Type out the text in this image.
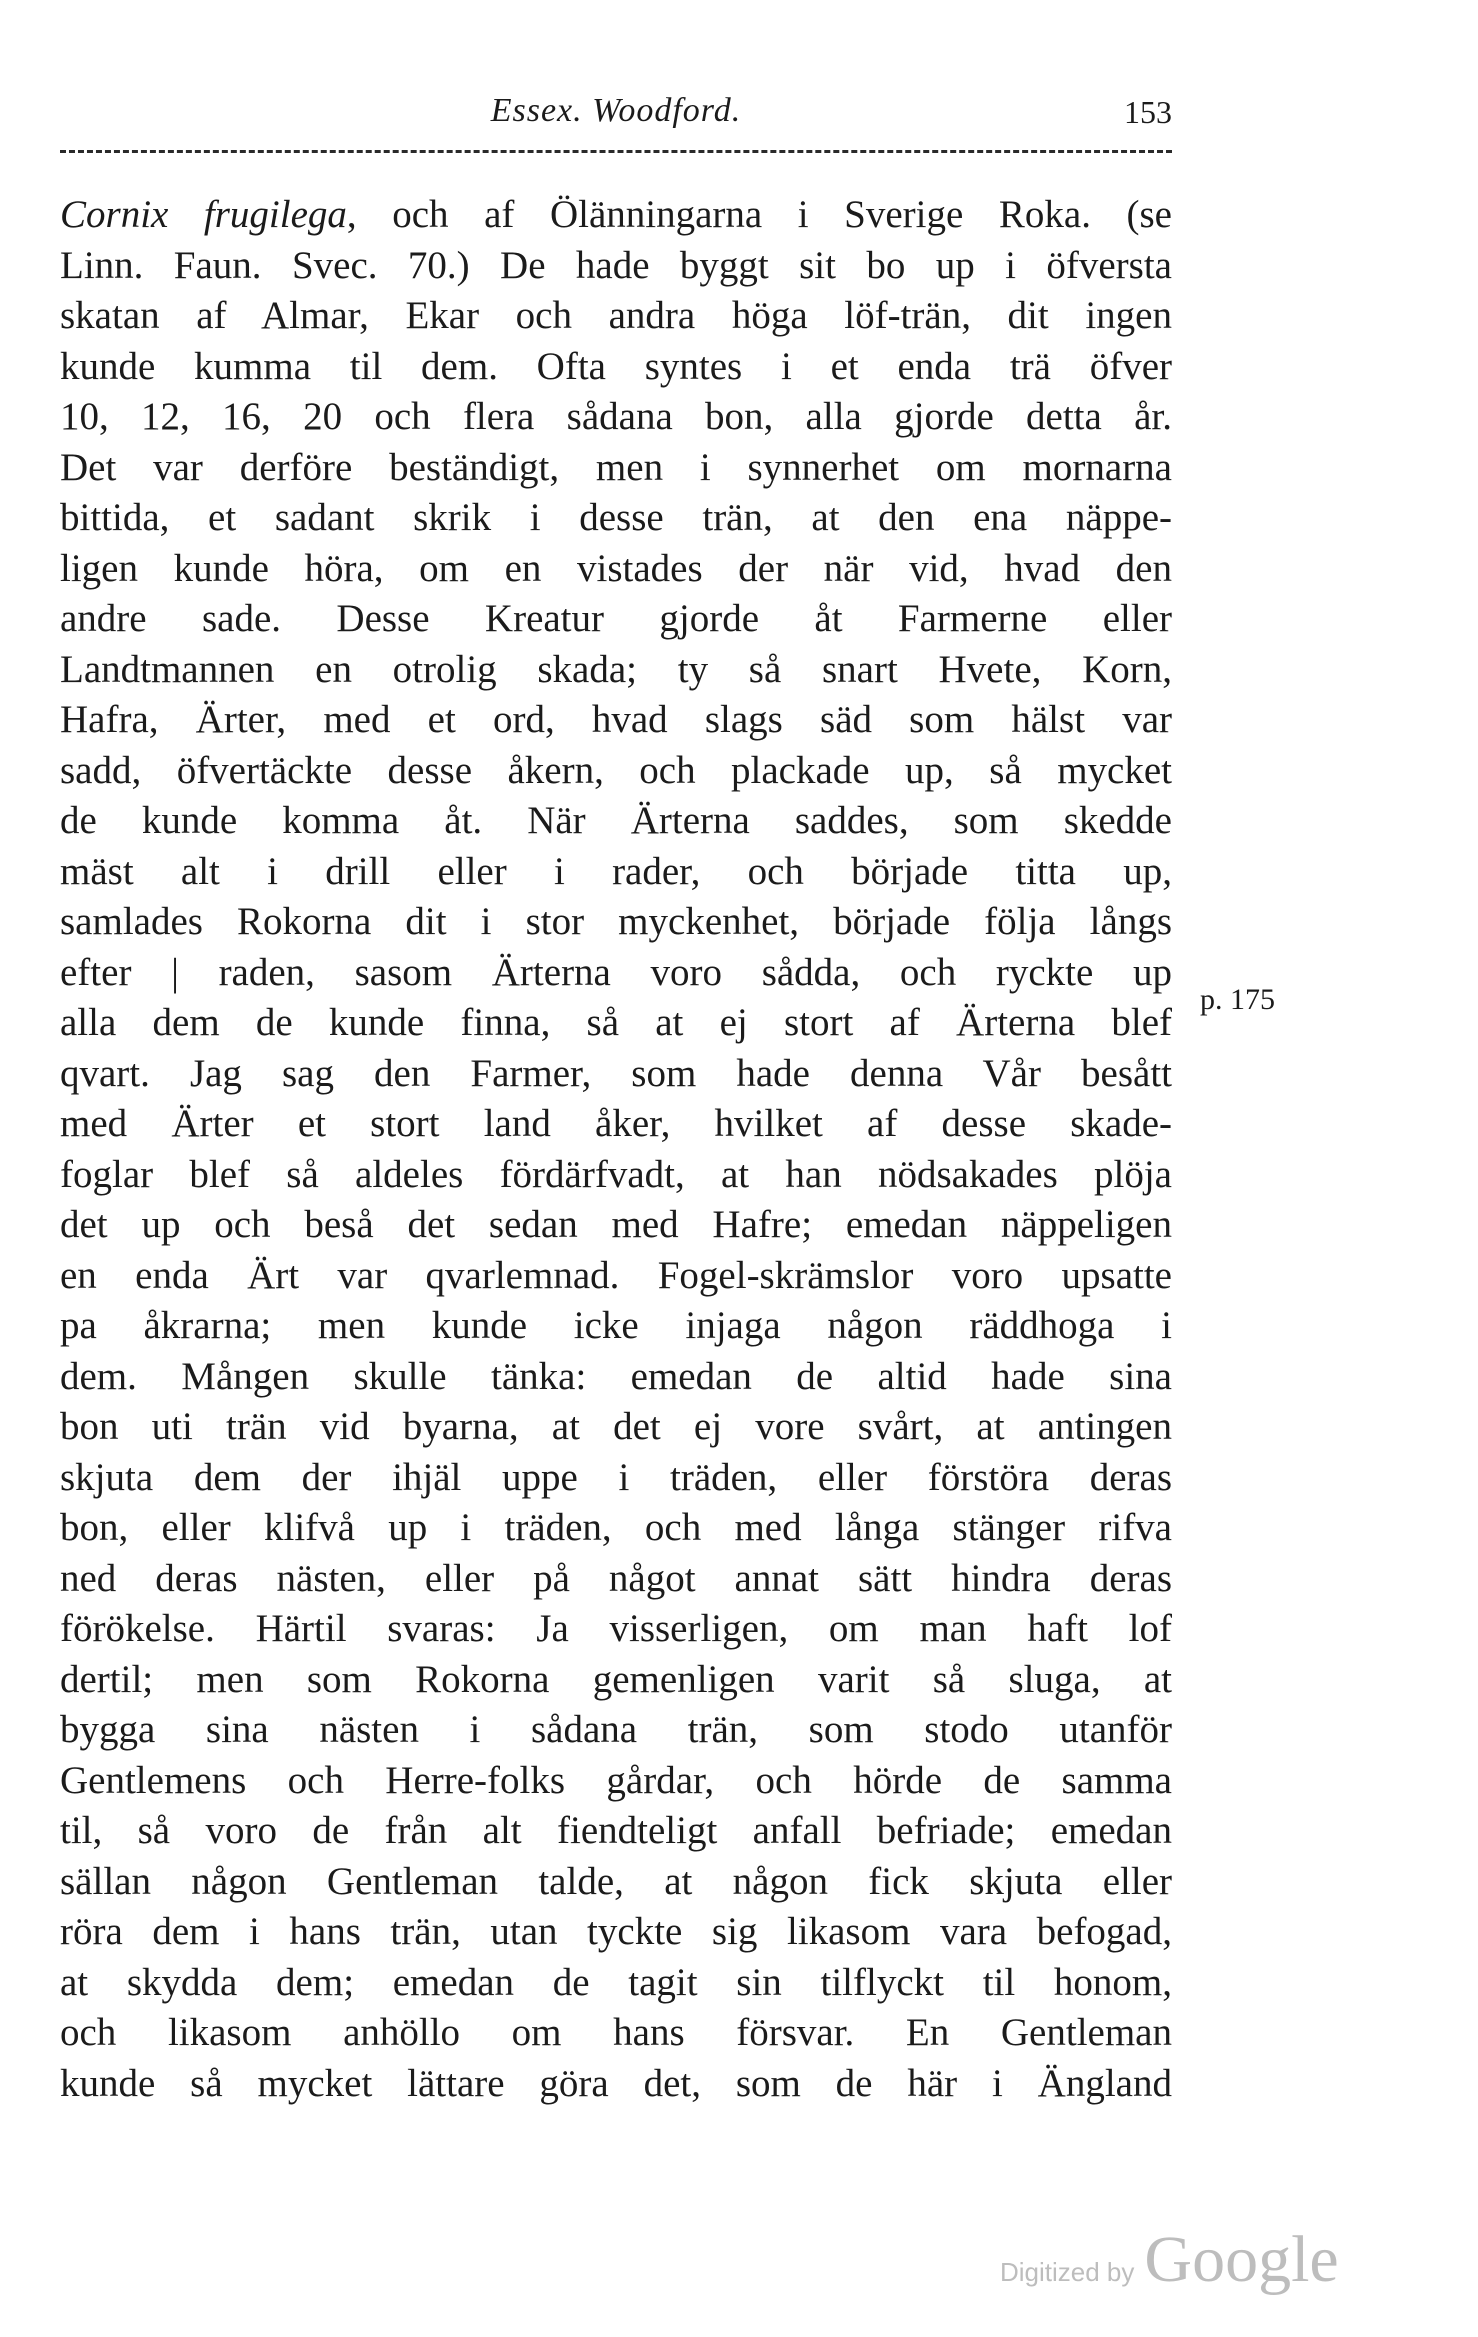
Essex. Woodford.	153
Cornix frugilega, och af Ölänningarna i Sverige Roka. (se
Linn. Faun. Svec. 70.) De hade byggt sit bo up i öfversta
skatan af Almar, Ekar och andra höga löf-trän, dit ingen
kunde kumma til dem. Ofta syntes i et enda trä öfver
10, 12, 16, 20 och flera sådana bon, alla gjorde detta år.
Det var derföre beständigt, men i synnerhet om mornarna
bittida, et sadant skrik i desse trän, at den ena näppe-
ligen kunde höra, om en vistades der när vid, hvad den
andre sade. Desse Kreatur gjorde åt Farmerne eller
Landtmannen en otrolig skada; ty så snart Hvete, Korn,
Hafra, Ärter, med et ord, hvad slags säd som hälst var
sadd, öfvertäckte desse åkern, och plackade up, så mycket
de kunde komma åt. När Ärterna saddes, som skedde
mäst alt i drill eller i rader, och började titta up,
samlades Rokorna dit i stor myckenhet, började följa långs
efter | raden, sasom Ärterna voro sådda, och ryckte up
alla dem de kunde finna, så at ej stort af Ärterna blef
qvart. Jag sag den Farmer, som hade denna Vår besått
med Ärter et stort land åker, hvilket af desse skade-
foglar blef så aldeles fördärfvadt, at han nödsakades plöja
det up och beså det sedan med Hafre; emedan näppeligen
en enda Ärt var qvarlemnad. Fogel-skrämslor voro upsatte
pa åkrarna; men kunde icke injaga någon räddhoga i
dem. Mången skulle tänka: emedan de altid hade sina
bon uti trän vid byarna, at det ej vore svårt, at antingen
skjuta dem der ihjäl uppe i träden, eller förstöra deras
bon, eller klifvå up i träden, och med långa stänger rifva
ned deras nästen, eller på något annat sätt hindra deras
förökelse. Härtil svaras: Ja visserligen, om man haft lof
dertil; men som Rokorna gemenligen varit så sluga, at
bygga sina nästen i sådana trän, som stodo utanför
Gentlemens och Herre-folks gårdar, och hörde de samma
til, så voro de från alt fiendteligt anfall befriade; emedan
sällan någon Gentleman talde, at någon fick skjuta eller
röra dem i hans trän, utan tyckte sig likasom vara befogad,
at skydda dem; emedan de tagit sin tilflyckt til honom,
och likasom anhöllo om hans försvar. En Gentleman
kunde så mycket lättare göra det, som de här i Ängland
p. 175
Digitized by Google
